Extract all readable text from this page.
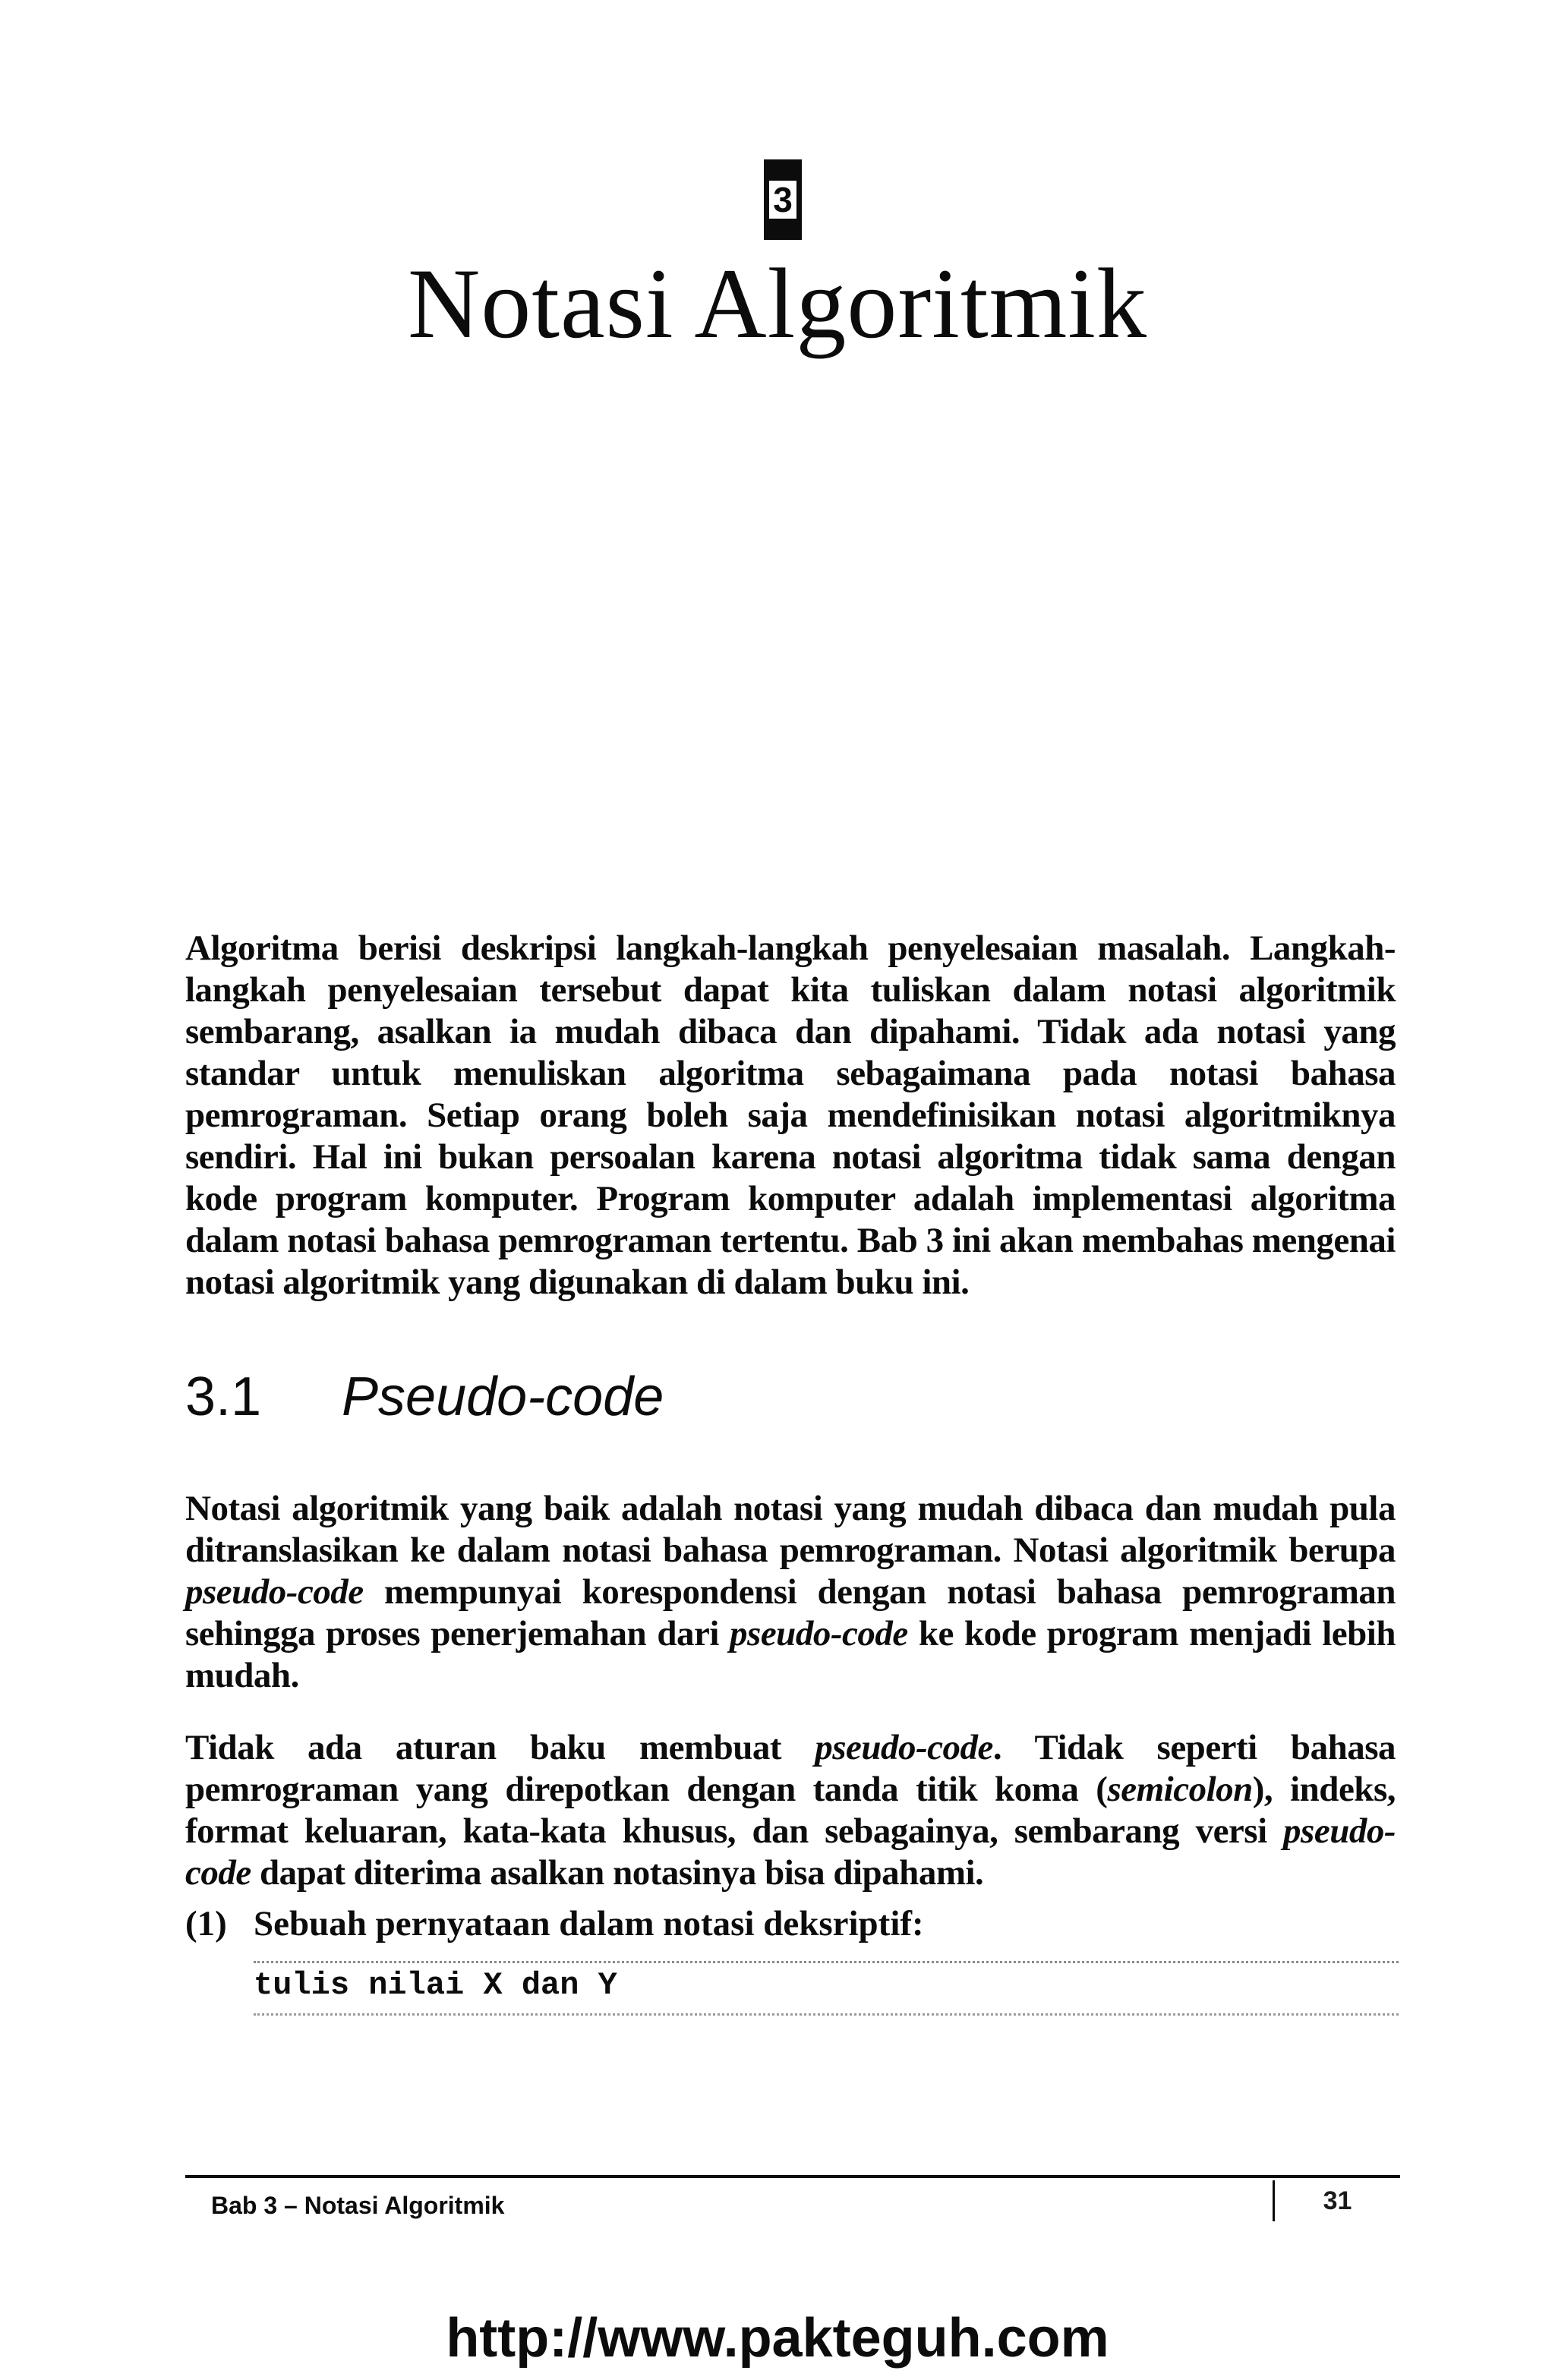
3
Notasi Algoritmik

Algoritma berisi deskripsi langkah-langkah penyelesaian masalah. Langkah-langkah penyelesaian tersebut dapat kita tuliskan dalam notasi algoritmik sembarang, asalkan ia mudah dibaca dan dipahami. Tidak ada notasi yang standar untuk menuliskan algoritma sebagaimana pada notasi bahasa pemrograman. Setiap orang boleh saja mendefinisikan notasi algoritmiknya sendiri. Hal ini bukan persoalan karena notasi algoritma tidak sama dengan kode program komputer. Program komputer adalah implementasi algoritma dalam notasi bahasa pemrograman tertentu. Bab 3 ini akan membahas mengenai notasi algoritmik yang digunakan di dalam buku ini.

3.1 Pseudo-code

Notasi algoritmik yang baik adalah notasi yang mudah dibaca dan mudah pula ditranslasikan ke dalam notasi bahasa pemrograman. Notasi algoritmik berupa pseudo-code mempunyai korespondensi dengan notasi bahasa pemrograman sehingga proses penerjemahan dari pseudo-code ke kode program menjadi lebih mudah.

Tidak ada aturan baku membuat pseudo-code. Tidak seperti bahasa pemrograman yang direpotkan dengan tanda titik koma (semicolon), indeks, format keluaran, kata-kata khusus, dan sebagainya, sembarang versi pseudo-code dapat diterima asalkan notasinya bisa dipahami.

(1) Sebuah pernyataan dalam notasi deksriptif:

tulis nilai X dan Y
Bab 3 – Notasi Algoritmik	31
http://www.pakteguh.com
